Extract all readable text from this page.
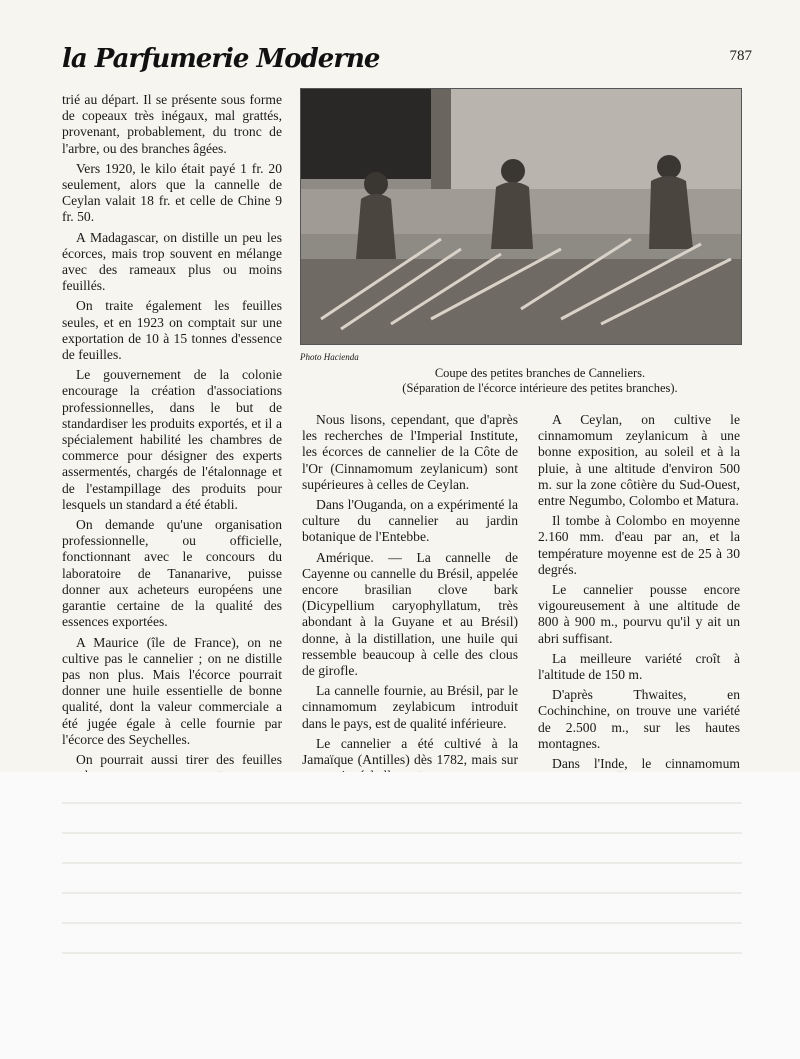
la Parfumerie Moderne	787

trié au départ. Il se présente sous forme de copeaux très inégaux, mal grattés, provenant, probablement, du tronc de l'arbre, ou des branches âgées.

Vers 1920, le kilo était payé 1 fr. 20 seulement, alors que la cannelle de Ceylan valait 18 fr. et celle de Chine 9 fr. 50.

A Madagascar, on distille un peu les écorces, mais trop souvent en mélange avec des rameaux plus ou moins feuillés.

On traite également les feuilles seules, et en 1923 on comptait sur une exportation de 10 à 15 tonnes d'essence de feuilles.

Le gouvernement de la colonie encourage la création d'associations professionnelles, dans le but de standardiser les produits exportés, et il a spécialement habilité les chambres de commerce pour désigner des experts assermentés, chargés de l'étalonnage et de l'estampillage des produits pour lesquels un standard a été établi.

On demande qu'une organisation professionnelle, ou officielle, fonctionnant avec le concours du laboratoire de Tananarive, puisse donner aux acheteurs européens une garantie certaine de la qualité des essences exportées.

A Maurice (île de France), on ne cultive pas le cannelier ; on ne distille pas non plus. Mais l'écorce pourrait donner une huile essentielle de bonne qualité, dont la valeur commerciale a été jugée égale à celle fournie par l'écorce des Seychelles.

On pourrait aussi tirer des feuilles

Photo Hacienda
Coupe des petites branches de Canneliers.
(Séparation de l'écorce intérieure des petites branches).

Nous lisons, cependant, que d'après les recherches de l'Imperial Institute, les écorces de cannelier de la Côte de l'Or (Cinnamomum zeylanicum) sont supérieures à celles de Ceylan.

Dans l'Ouganda, on a expérimenté la culture du cannelier au jardin botanique de l'Entebbe.

Amérique. — La cannelle de Cayenne ou cannelle du Brésil, appelée encore brasilian clove bark (Dicypellium caryophyllatum, très abondant à la Guyane et au Brésil) donne, à la distillation, une huile qui ressemble beaucoup à celle des clous de girofle.

La cannelle fournie, au Brésil, par le cinnamomum zeylabicum introduit dans le pays, est de qualité inférieure.

Le cannelier a été cultivé à la Jamaïque (Antilles) dès 1782, mais sur

A Ceylan, on cultive le cinnamomum zeylanicum à une bonne exposition, au soleil et à la pluie, à une altitude d'environ 500 m. sur la zone côtière du Sud-Ouest, entre Negumbo, Colombo et Matura.

Il tombe à Colombo en moyenne 2.160 mm. d'eau par an, et la température moyenne est de 25 à 30 degrés.

Le cannelier pousse encore vigoureusement à une altitude de 800 à 900 m., pourvu qu'il y ait un abri suffisant.

La meilleure variété croît à l'altitude de 150 m.

D'après Thwaites, en Cochinchine, on trouve une variété de 2.500 m., sur les hautes montagnes.

Dans l'Inde, le cinnamomum
